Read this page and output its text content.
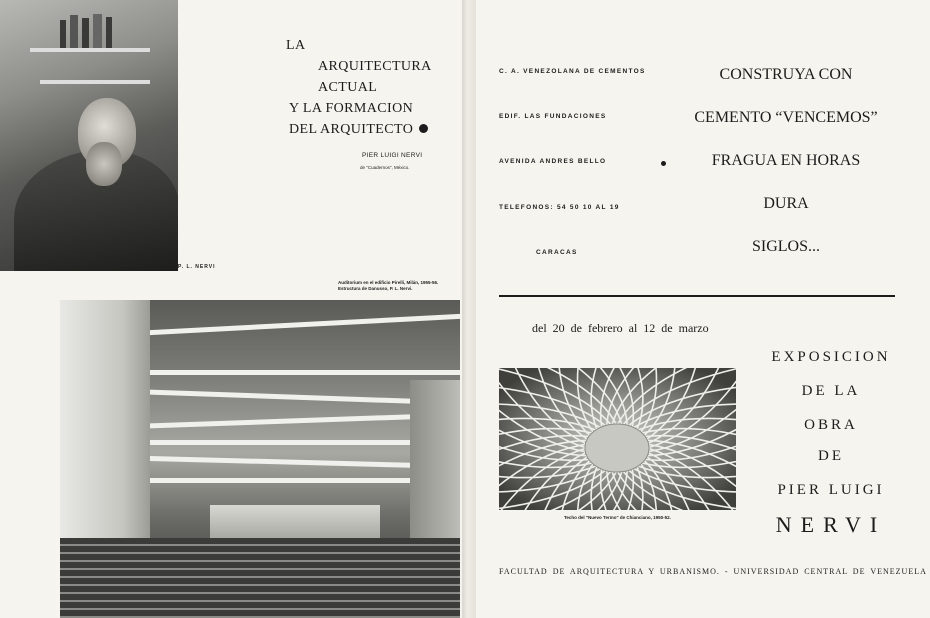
P. L. NERVI
LA
ARQUITECTURA
ACTUAL
Y LA FORMACION
DEL ARQUITECTO
PIER LUIGI NERVI
de "Cuadernos", México.
Auditorium en el edificio Pirelli, Milán, 1955-56. Estructura de Danusso, P. L. Nervi.
C. A. VENEZOLANA DE CEMENTOS
EDIF. LAS FUNDACIONES
AVENIDA ANDRES BELLO
TELEFONOS: 54 50 10 AL 19
CARACAS
CONSTRUYA CON
CEMENTO “VENCEMOS”
FRAGUA EN HORAS
DURA
SIGLOS...
del 20 de febrero al 12 de marzo
EXPOSICION
DE LA
OBRA
DE
PIER LUIGI
NERVI
Techo del "Nuevo Termo" de Chianciano, 1950-52.
FACULTAD DE ARQUITECTURA Y URBANISMO. - UNIVERSIDAD CENTRAL DE VENEZUELA
